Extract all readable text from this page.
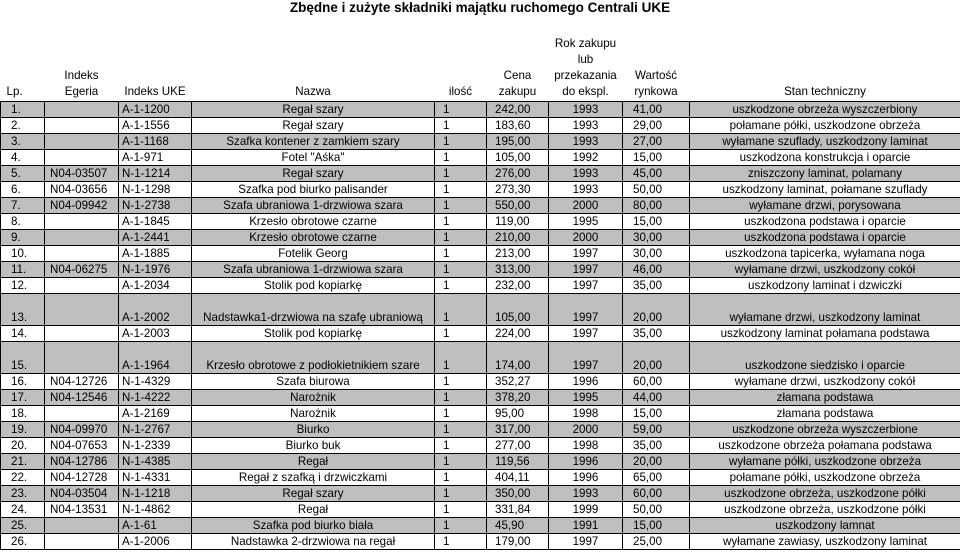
Zbędne i zużyte składniki majątku ruchomego Centrali UKE
Lp.	Indeks Egeria	Indeks UKE	Nazwa	ilość	Cena zakupu	Rok zakupu lub przekazania do ekspl.	Wartość rynkowa	Stan techniczny
1.		A-1-1200	Regał szary	1	242,00	1993	41,00	uszkodzone obrzeża wyszczerbiony
2.		A-1-1556	Regał szary	1	183,60	1993	29,00	połamane półki, uszkodzone obrzeża
3.		A-1-1168	Szafka kontener z zamkiem szary	1	195,00	1993	27,00	wyłamane szuflady, uszkodzony laminat
4.		A-1-971	Fotel "Aśka"	1	105,00	1992	15,00	uszkodzona konstrukcja i oparcie
5.	N04-03507	N-1-1214	Regał szary	1	276,00	1993	45,00	zniszczony laminat, polamany
6.	N04-03656	N-1-1298	Szafka pod biurko palisander	1	273,30	1993	50,00	uszkodzony laminat, połamane szuflady
7.	N04-09942	N-1-2738	Szafa ubraniowa 1-drzwiowa szara	1	550,00	2000	80,00	wyłamane drzwi, porysowana
8.		A-1-1845	Krzesło obrotowe czarne	1	119,00	1995	15,00	uszkodzona podstawa i oparcie
9.		A-1-2441	Krzesło obrotowe czarne	1	210,00	2000	30,00	uszkodzona podstawa i oparcie
10.		A-1-1885	Fotelik Georg	1	213,00	1997	30,00	uszkodzona tapicerka, wyłamana noga
11.	N04-06275	N-1-1976	Szafa ubraniowa 1-drzwiowa szara	1	313,00	1997	46,00	wyłamane drzwi, uszkodzony cokół
12.		A-1-2034	Stolik pod kopiarkę	1	232,00	1997	35,00	uszkodzony laminat i dzwiczki
13.		A-1-2002	Nadstawka1-drzwiowa na szafę ubraniową	1	105,00	1997	20,00	wyłamane drzwi, uszkodzony laminat
14.		A-1-2003	Stolik pod kopiarkę	1	224,00	1997	35,00	uszkodzony laminat połamana podstawa
15.		A-1-1964	Krzesło obrotowe z podłokietnikiem szare	1	174,00	1997	20,00	uszkodzone siedzisko i oparcie
16.	N04-12726	N-1-4329	Szafa biurowa	1	352,27	1996	60,00	wyłamane drzwi, uszkodzony cokół
17.	N04-12546	N-1-4222	Narożnik	1	378,20	1995	44,00	złamana podstawa
18.		A-1-2169	Narożnik	1	95,00	1998	15,00	złamana podstawa
19.	N04-09970	N-1-2767	Biurko	1	317,00	2000	59,00	uszkodzone obrzeża wyszczerbione
20.	N04-07653	N-1-2339	Biurko buk	1	277,00	1998	35,00	uszkodzone obrzeża połamana podstawa
21.	N04-12786	N-1-4385	Regał	1	119,56	1996	20,00	wyłamane półki, uszkodzone obrzeża
22.	N04-12728	N-1-4331	Regał z szafką i drzwiczkami	1	404,11	1996	65,00	połamane półki, uszkodzone obrzeża
23.	N04-03504	N-1-1218	Regał szary	1	350,00	1993	60,00	uszkodzone obrzeża, uszkodzone półki
24.	N04-13531	N-1-4862	Regał	1	331,84	1999	50,00	uszkodzone obrzeża, uszkodzone półki
25.		A-1-61	Szafka pod biurko biała	1	45,90	1991	15,00	uszkodzony lamnat
26.		A-1-2006	Nadstawka 2-drzwiowa na regał	1	179,00	1997	25,00	wyłamane zawiasy, uszkodzony laminat
